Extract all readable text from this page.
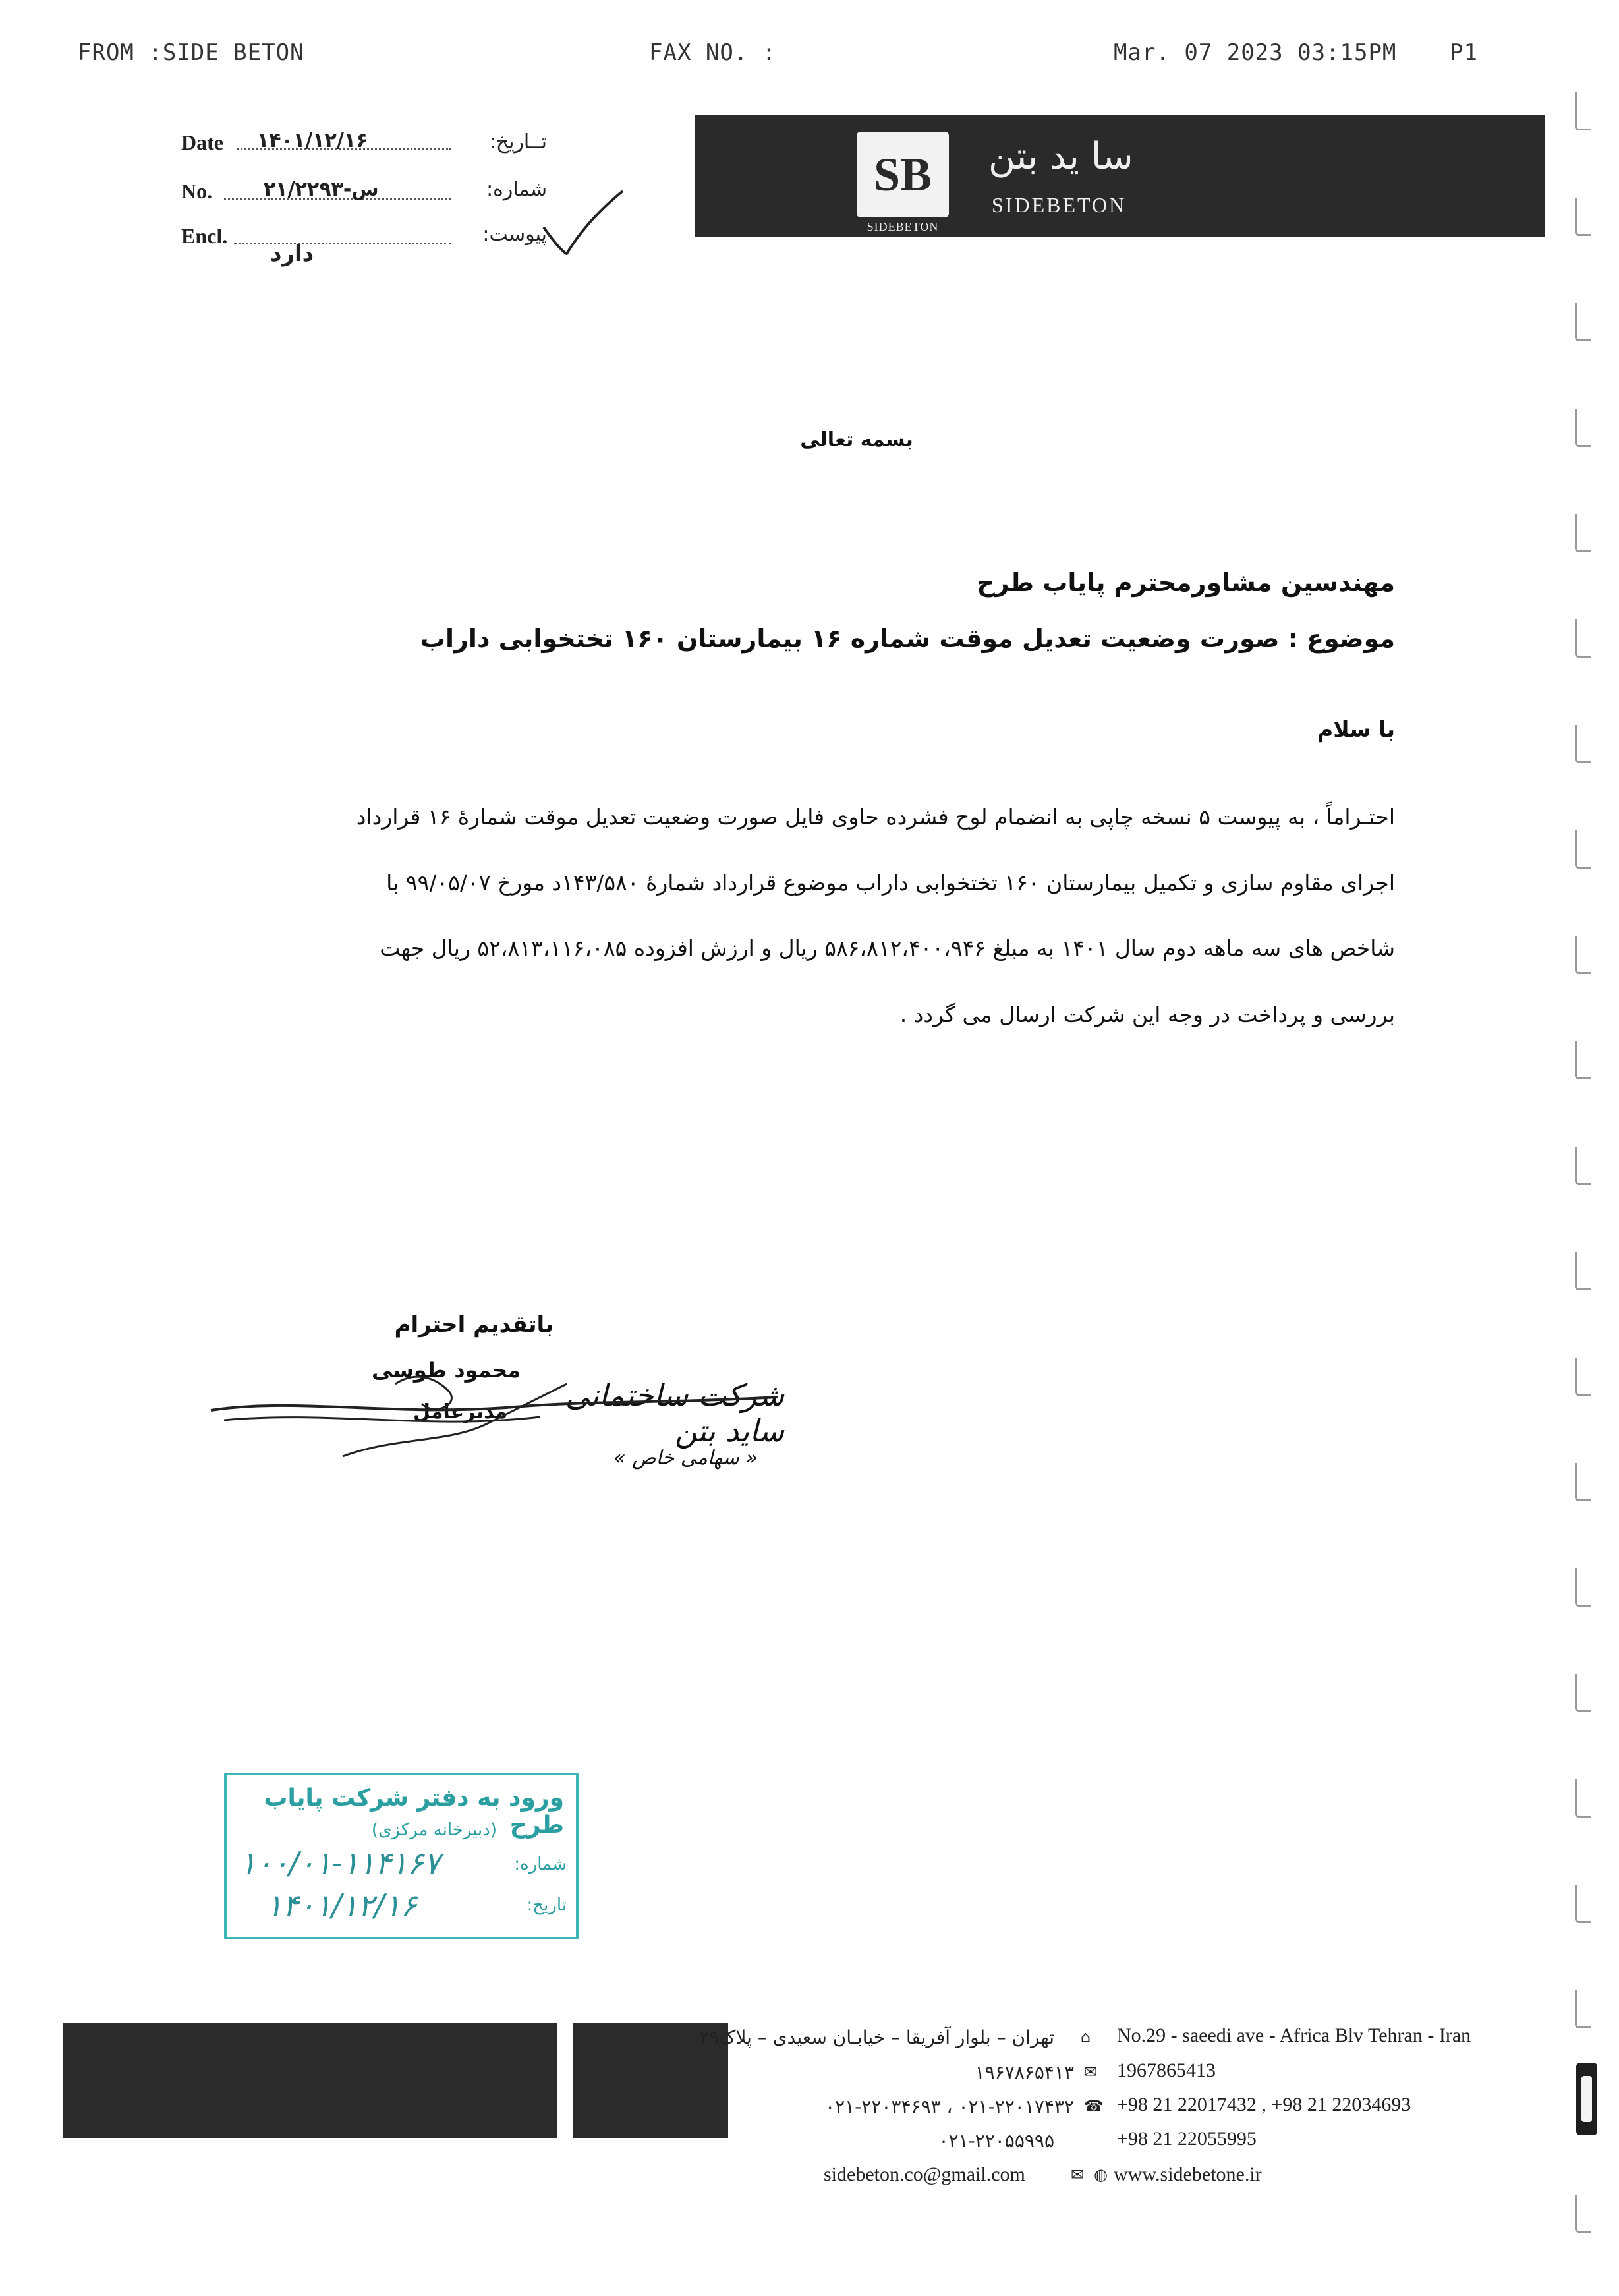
FROM :SIDE BETON	FAX NO. :	Mar. 07 2023 03:15PM P1
Date ۱۴۰۱/۱۲/۱۶	تــاريخ:
No.	۲۱/۲۲۹۳-س	شماره:
Encl.	پيوست:
دارد
SB
SIDEBETON
سا يد بتن
SIDEBETON
بسمه تعالی
مهندسين مشاورمحترم پاياب طرح
موضوع : صورت وضعيت تعديل موقت شماره ۱۶ بيمارستان ۱۶۰ تختخوابی داراب
با سلام
احتـراماً ، به پيوست ۵ نسخه چاپی به انضمام لوح فشرده حاوی فايل صورت وضعيت تعديل موقت شمارهٔ ۱۶ قرارداد
اجرای مقاوم سازی و تکميل بيمارستان ۱۶۰ تختخوابی داراب موضوع قرارداد شمارهٔ ۱۴۳/۵۸۰د مورخ ۹۹/۰۵/۰۷ با
شاخص های سه ماهه دوم سال ۱۴۰۱ به مبلغ ۵۸۶،۸۱۲،۴۰۰،۹۴۶ ريال و ارزش افزوده ۵۲،۸۱۳،۱۱۶،۰۸۵ ريال جهت
بررسی و پرداخت در وجه اين شرکت ارسال می گردد .
باتقديم احترام
محمود طوسی
مديرعامل	شرکت ساختمانی سايد بتن
« سهامی خاص »
ورود به دفتر شرکت پاياب طرح
(دبيرخانه مرکزی)
شماره:
۱۰۰/۰۱-۱۱۴۱۶۷
تاريخ:
۱۴۰۱/۱۲/۱۶
تهران – بلوار آفريقا – خيابـان سعيدی – پلاک۲۹ ⌂ No.29 - saeedi ave - Africa Blv Tehran - Iran
۱۹۶۷۸۶۵۴۱۳ ✉ 1967865413
۰۲۱-۲۲۰۱۷۴۳۲ ، ۰۲۱-۲۲۰۳۴۶۹۳ ☎ +98 21 22017432 , +98 21 22034693
۰۲۱-۲۲۰۵۵۹۹۵	+98 21 22055995
sidebeton.co@gmail.com	✉ ◍ www.sidebetone.ir
